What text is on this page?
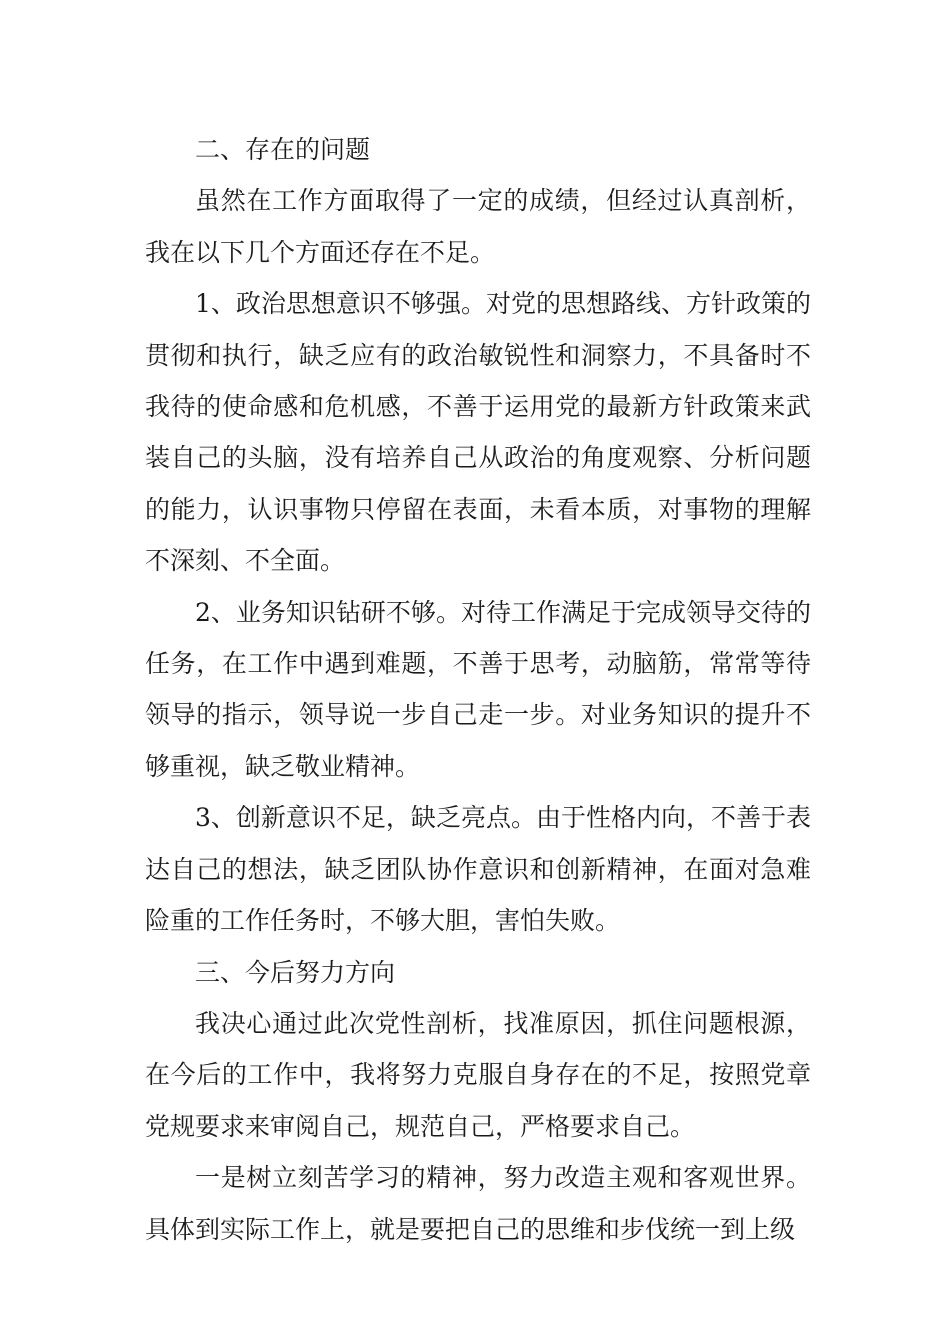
二、存在的问题

虽然在工作方面取得了一定的成绩，但经过认真剖析，我在以下几个方面还存在不足。

1、政治思想意识不够强。对党的思想路线、方针政策的贯彻和执行，缺乏应有的政治敏锐性和洞察力，不具备时不我待的使命感和危机感，不善于运用党的最新方针政策来武装自己的头脑，没有培养自己从政治的角度观察、分析问题的能力，认识事物只停留在表面，未看本质，对事物的理解不深刻、不全面。

2、业务知识钻研不够。对待工作满足于完成领导交待的任务，在工作中遇到难题，不善于思考，动脑筋，常常等待领导的指示，领导说一步自己走一步。对业务知识的提升不够重视，缺乏敬业精神。

3、创新意识不足，缺乏亮点。由于性格内向，不善于表达自己的想法，缺乏团队协作意识和创新精神，在面对急难险重的工作任务时，不够大胆，害怕失败。

三、今后努力方向

我决心通过此次党性剖析，找准原因，抓住问题根源，在今后的工作中，我将努力克服自身存在的不足，按照党章党规要求来审阅自己，规范自己，严格要求自己。

一是树立刻苦学习的精神，努力改造主观和客观世界。具体到实际工作上，就是要把自己的思维和步伐统一到上级
